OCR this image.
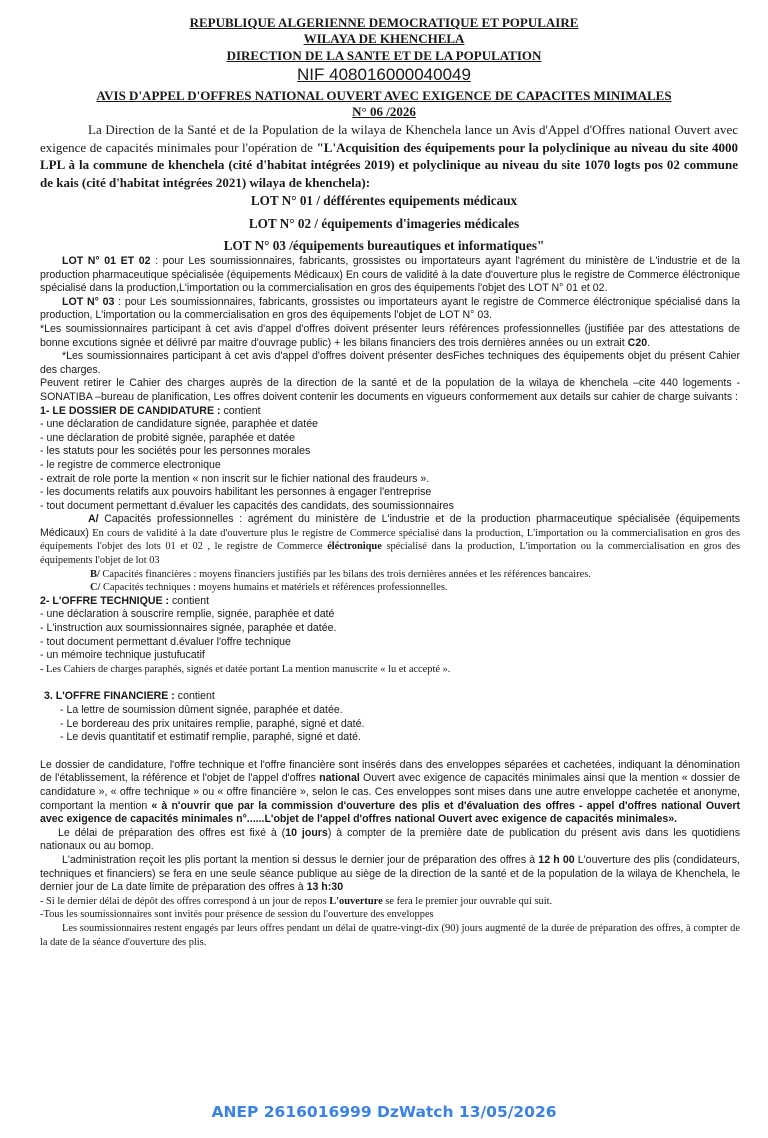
REPUBLIQUE ALGERIENNE DEMOCRATIQUE ET POPULAIRE
WILAYA DE KHENCHELA
DIRECTION DE LA SANTE ET DE LA POPULATION
NIF 408016000040049
AVIS D'APPEL D'OFFRES NATIONAL OUVERT AVEC EXIGENCE DE CAPACITES MINIMALES
N° 06 /2026
La Direction de la Santé et de la Population de la wilaya de Khenchela lance un Avis d'Appel d'Offres national Ouvert avec exigence de capacités minimales pour l'opération de "L'Acquisition des équipements pour la polyclinique au niveau du site 4000 LPL à la commune de khenchela (cité d'habitat intégrées 2019) et polyclinique au niveau du site 1070 logts pos 02 commune de kais (cité d'habitat intégrées 2021) wilaya de khenchela):
LOT N° 01 / défférentes equipements médicaux
LOT N° 02 / équipements d'imageries médicales
LOT N° 03 /équipements bureautiques et informatiques"

LOT N° 01 ET 02 : pour Les soumissionnaires, fabricants, grossistes ou importateurs ayant l'agrément du ministère de L'industrie et de la production pharmaceutique spécialisée (équipements Médicaux) En cours de validité à la date d'ouverture plus le registre de Commerce éléctronique spécialisé dans la production,L'importation ou la commercialisation en gros des équipements l'objet des LOT N° 01 et 02.

LOT N° 03 : pour Les soumissionnaires, fabricants, grossistes ou importateurs ayant le registre de Commerce éléctronique spécialisé dans la production, L'importation ou la commercialisation en gros des équipements l'objet de LOT N° 03.

*Les soumissionnaires participant à cet avis d'appel d'offres doivent présenter leurs références professionnelles (justifiée par des attestations de bonne excutions signée et délivré par maitre d'ouvrage public) + les bilans financiers des trois dernières années ou un extrait C20.

*Les soumissionnaires participant à cet avis d'appel d'offres doivent présenter desFiches techniques des équipements objet du présent Cahier des charges.

Peuvent retirer le Cahier des charges auprès de la direction de la santé et de la population de la wilaya de khenchela –cite 440 logements -SONATIBA –bureau de planification, Les offres doivent contenir les documents en vigueurs conformement aux details sur cahier de charge suivants :

1- LE DOSSIER DE CANDIDATURE : contient

- une déclaration de candidature signée, paraphée et datée

- une déclaration de probité signée, paraphée et datée

- les statuts pour les sociétés pour les personnes morales

- le registre de commerce electronique

- extrait de role porte la mention « non inscrit sur le fichier national des fraudeurs ».

- les documents relatifs aux pouvoirs habilitant les personnes à engager l'entreprise

- tout document permettant d.évaluer les capacités des candidats, des soumissionnaires

A/ Capacités professionnelles : agrément du ministère de L'industrie et de la production pharmaceutique spécialisée (équipements Médicaux) En cours de validité à la date d'ouverture plus le registre de Commerce spécialisé dans la production, L'importation ou la commercialisation en gros des équipements l'objet des lots 01 et 02 , le registre de Commerce éléctronique spécialisé dans la production, L'importation ou la commercialisation en gros des équipements l'objet de lot 03

B/ Capacités financières : moyens financiers justifiés par les bilans des trois dernières années et les références bancaires.

C/ Capacités techniques : moyens humains et matériels et références professionnelles.

2- L'OFFRE TECHNIQUE : contient

- une déclaration à souscrire remplie, signée, paraphée et daté

- L'instruction aux soumissionnaires signée, paraphée et datée.

- tout document permettant d.évaluer l'offre technique

- un mémoire technique justufucatif

- Les Cahiers de charges paraphés, signés et datée portant La mention manuscrite « lu et accepté ».

3. L'OFFRE FINANCIERE : contient

- La lettre de soumission dûment signée, paraphée et datée.

- Le bordereau des prix unitaires remplie, paraphé, signé et daté.

- Le devis quantitatif et estimatif remplie, paraphé, signé et daté.

Le dossier de candidature, l'offre technique et l'offre financière sont insérés dans des enveloppes séparées et cachetées, indiquant la dénomination de l'établissement, la référence et l'objet de l'appel d'offres national Ouvert avec exigence de capacités minimales ainsi que la mention « dossier de candidature », « offre technique » ou « offre financière », selon le cas. Ces enveloppes sont mises dans une autre enveloppe cachetée et anonyme, comportant la mention « à n'ouvrir que par la commission d'ouverture des plis et d'évaluation des offres - appel d'offres national Ouvert avec exigence de capacités minimales n°......L'objet de l'appel d'offres national Ouvert avec exigence de capacités minimales».

Le délai de préparation des offres est fixé à (10 jours) à compter de la première date de publication du présent avis dans les quotidiens nationaux ou au bomop.

L'administration reçoit les plis portant la mention si dessus le dernier jour de préparation des offres à 12 h 00 L'ouverture des plis (condidateurs, techniques et financiers) se fera en une seule séance publique au siège de la direction de la santé et de la population de la wilaya de Khenchela, le dernier jour de La date limite de préparation des offres à 13 h:30

- Si le dernier délai de dépôt des offres correspond à un jour de repos L'ouverture se fera le premier jour ouvrable qui suit.

-Tous les soumissionnaires sont invités pour présence de session du l'ouverture des enveloppes

Les soumissionnaires restent engagés par leurs offres pendant un délai de quatre-vingt-dix (90) jours augmenté de la durée de préparation des offres, à compter de la date de la séance d'ouverture des plis.

ANEP 2616016999 DzWatch 13/05/2026
